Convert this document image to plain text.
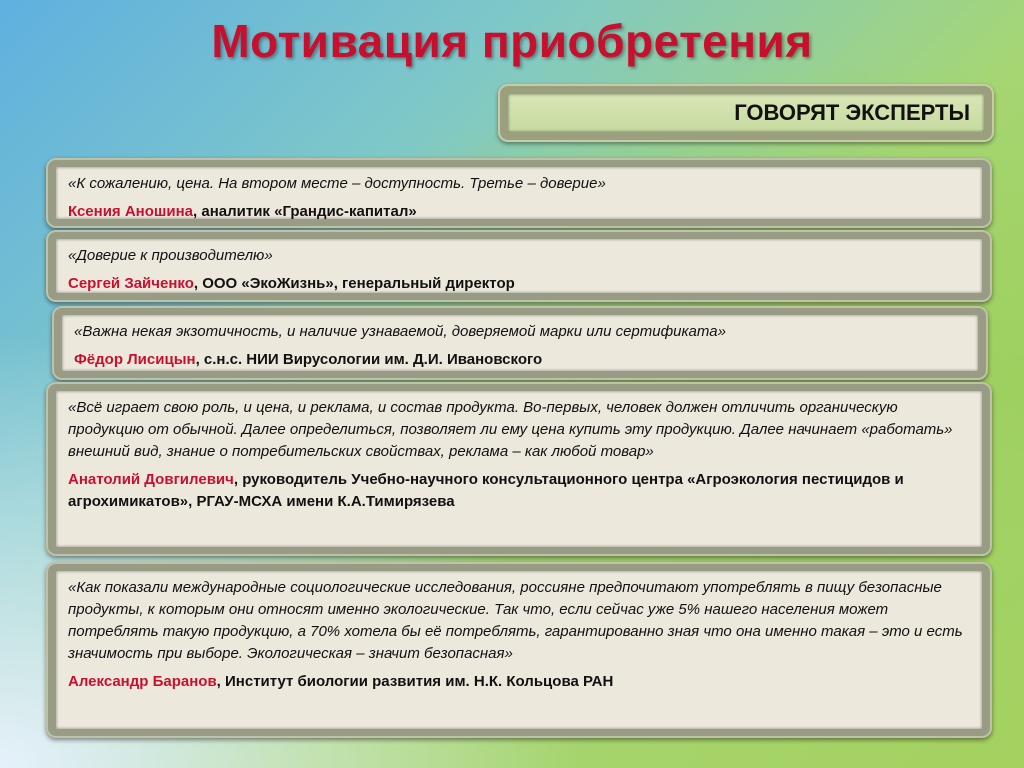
Мотивация приобретения
ГОВОРЯТ ЭКСПЕРТЫ

«К сожалению, цена. На втором месте – доступность. Третье – доверие»

Ксения Аношина, аналитик «Грандис-капитал»

«Доверие к производителю»

Сергей Зайченко, ООО «ЭкоЖизнь», генеральный директор

«Важна некая экзотичность, и наличие узнаваемой, доверяемой марки или сертификата»

Фёдор Лисицын, с.н.с. НИИ Вирусологии им. Д.И. Ивановского

«Всё играет свою роль, и цена, и реклама, и состав продукта. Во-первых, человек должен отличить органическую продукцию от обычной. Далее определиться, позволяет ли ему цена купить эту продукцию. Далее начинает «работать» внешний вид, знание о потребительских свойствах, реклама – как любой товар»

Анатолий Довгилевич, руководитель Учебно-научного консультационного центра «Агроэкология пестицидов и агрохимикатов», РГАУ-МСХА имени К.А.Тимирязева

«Как показали международные социологические исследования, россияне предпочитают употреблять в пищу безопасные продукты, к которым они относят именно экологические. Так что, если сейчас уже 5% нашего населения может потреблять такую продукцию, а 70% хотела бы её потреблять, гарантированно зная что она именно такая – это и есть значимость при выборе. Экологическая – значит безопасная»

Александр Баранов, Институт биологии развития им. Н.К. Кольцова РАН
